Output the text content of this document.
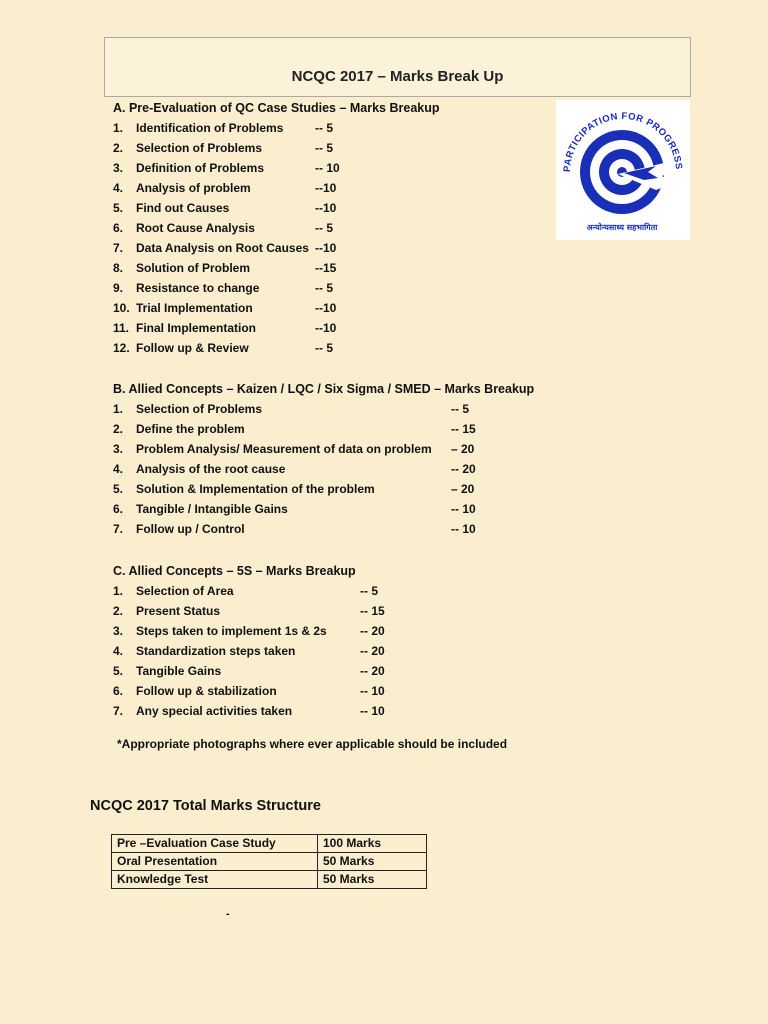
NCQC 2017 – Marks Break Up
PARTICIPATION FOR PROGRESS
अन्योन्यसाध्य सहभागिता
A. Pre-Evaluation of QC Case Studies – Marks Breakup
1.	Identification of Problems	-- 5
2.	Selection of Problems	-- 5
3.	Definition of Problems	-- 10
4.	Analysis of problem	--10
5.	Find out Causes	--10
6.	Root Cause Analysis	-- 5
7.	Data Analysis on Root Causes --10
8.	Solution of Problem	--15
9.	Resistance to change	-- 5
10. Trial Implementation	--10
11. Final Implementation	--10
12. Follow up & Review	-- 5
B. Allied Concepts – Kaizen / LQC / Six Sigma / SMED – Marks Breakup
1.	Selection of Problems	-- 5
2.	Define the problem	-- 15
3.	Problem Analysis/ Measurement of data on problem – 20
4.	Analysis of the root cause	-- 20
5.	Solution & Implementation of the problem	– 20
6.	Tangible / Intangible Gains	-- 10
7.	Follow up / Control	-- 10
C. Allied Concepts – 5S – Marks Breakup
1.	Selection of Area	-- 5
2.	Present Status	-- 15
3.	Steps taken to implement 1s & 2s	-- 20
4.	Standardization steps taken	-- 20
5.	Tangible Gains	-- 20
6.	Follow up & stabilization	-- 10
7.	Any special activities taken	-- 10
*Appropriate photographs where ever applicable should be included
NCQC 2017 Total Marks Structure
Pre –Evaluation Case Study	100 Marks
Oral Presentation	50 Marks
Knowledge Test	50 Marks
-
